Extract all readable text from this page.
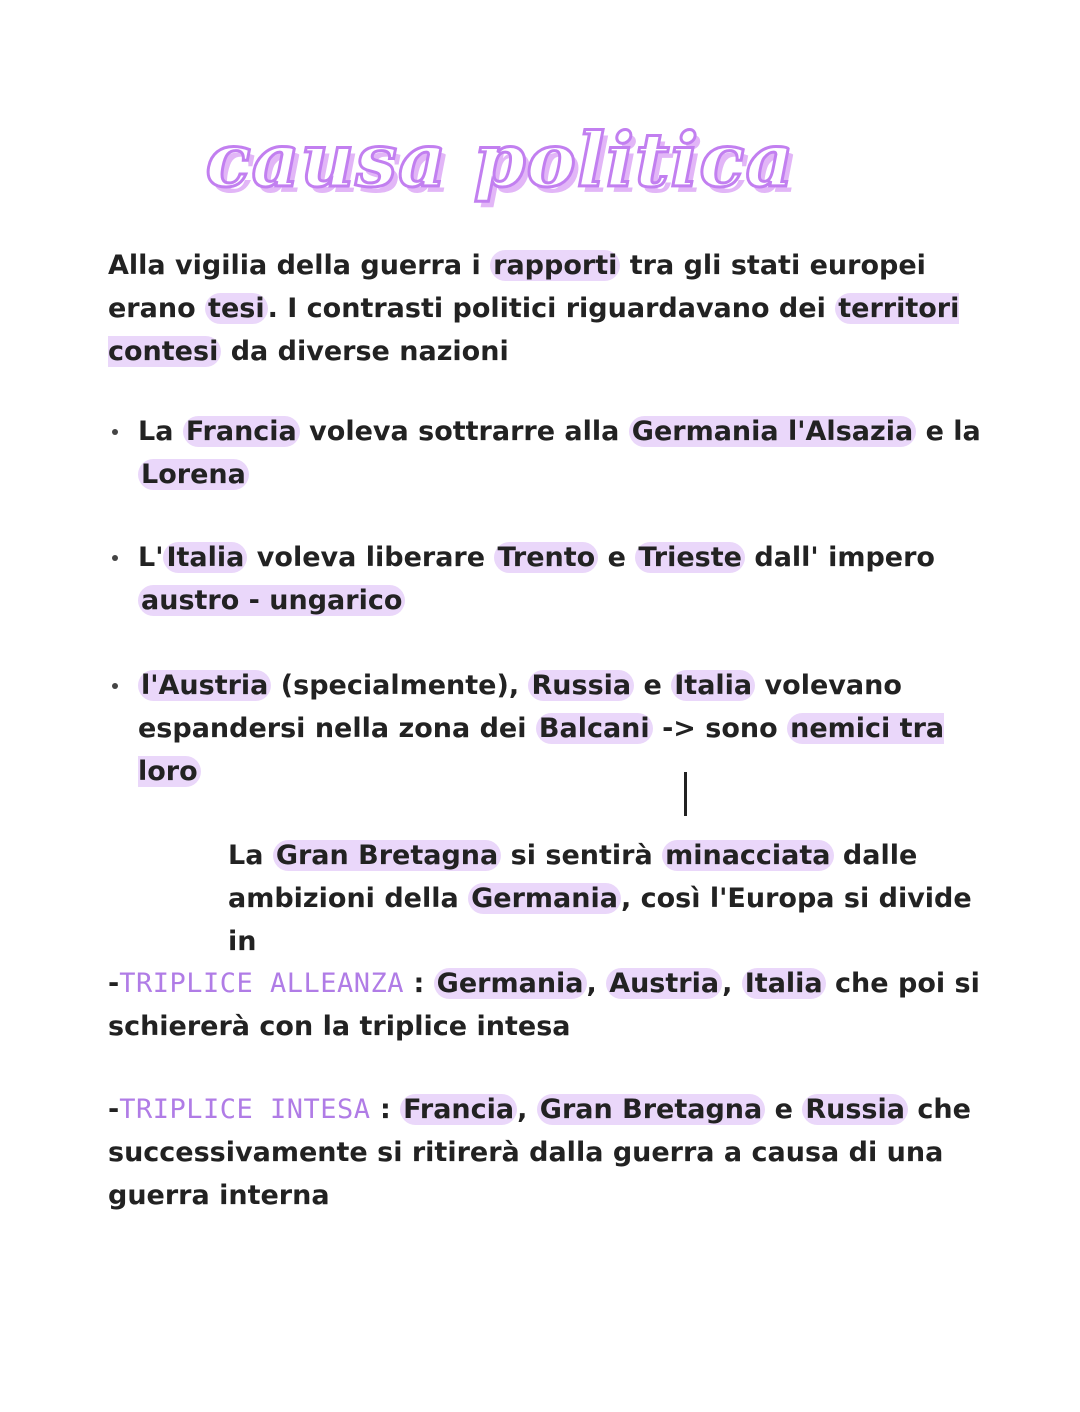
causa politica

Alla vigilia della guerra i rapporti tra gli stati europei erano tesi . I contrasti politici riguardavano dei territori contesi da diverse nazioni

La Francia voleva sottrarre alla Germania l'Alsazia e la Lorena
L' Italia voleva liberare Trento e Trieste dall' impero austro - ungarico
l'Austria (specialmente), Russia e Italia volevano espandersi nella zona dei Balcani -> sono nemici tra loro

La Gran Bretagna si sentirà minacciata dalle ambizioni della Germania , così l'Europa si divide in

-TRIPLICE ALLEANZA : Germania , Austria , Italia che poi si schiererà con la triplice intesa

-TRIPLICE INTESA : Francia , Gran Bretagna e Russia che successivamente si ritirerà dalla guerra a causa di una guerra interna
